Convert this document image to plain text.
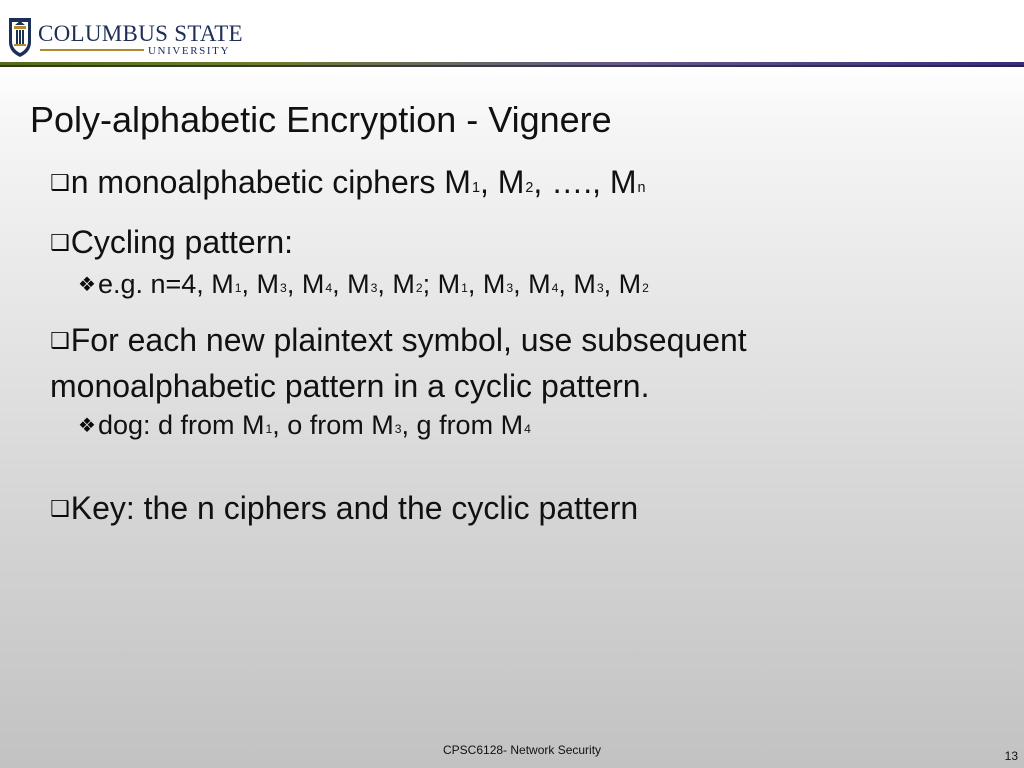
COLUMBUS STATE
UNIVERSITY
Poly-alphabetic Encryption - Vignere
❑n monoalphabetic ciphers M1, M2, …., Mn
❑Cycling pattern:
❖e.g. n=4, M1, M3, M4, M3, M2; M1, M3, M4, M3, M2
❑For each new plaintext symbol, use subsequent
monoalphabetic pattern in a cyclic pattern.
❖dog: d from M1, o from M3, g from M4
❑Key: the n ciphers and the cyclic pattern
CPSC6128- Network Security	13
